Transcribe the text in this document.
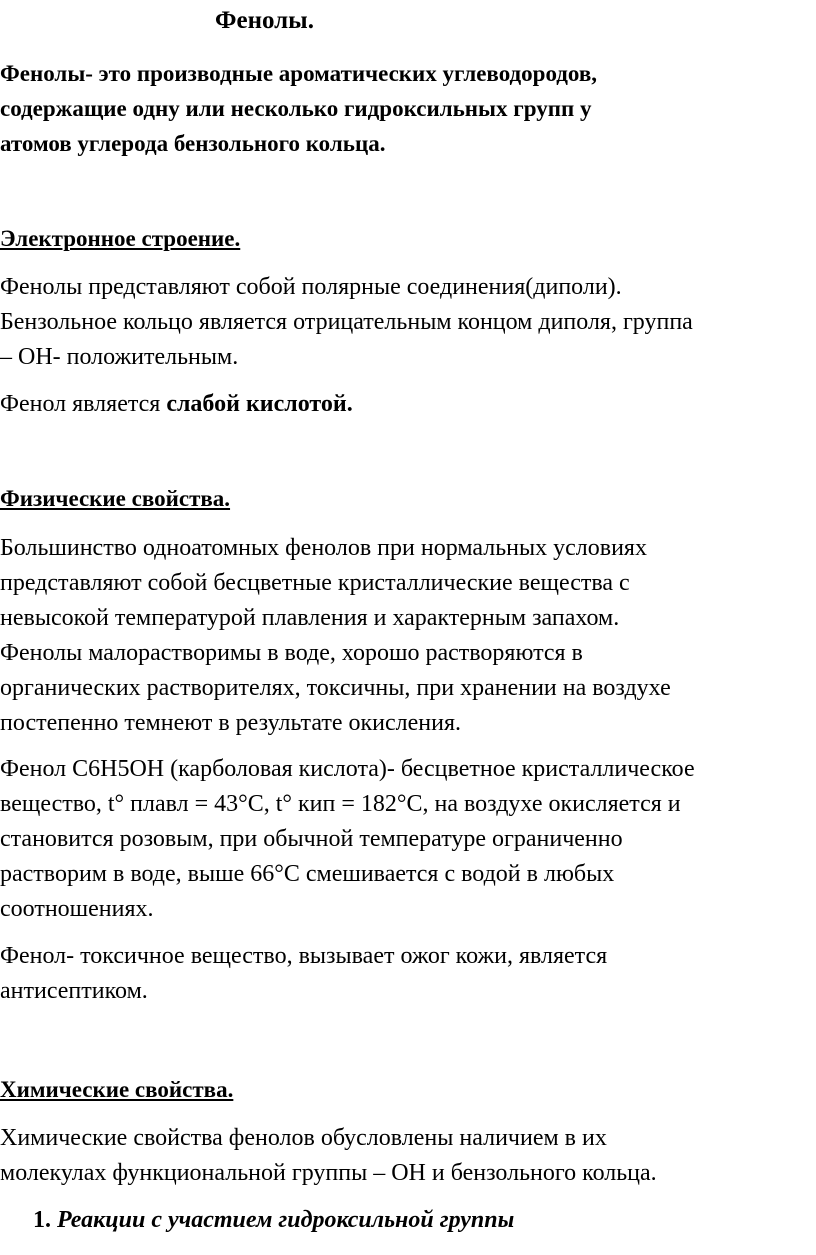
Фенолы.

Фенолы- это производные ароматических углеводородов,
содержащие одну или несколько гидроксильных групп у
атомов углерода бензольного кольца.

Электронное строение.

Фенолы представляют собой полярные соединения(диполи).
Бензольное кольцо является отрицательным концом диполя, группа
– ОН- положительным.

Фенол является слабой кислотой.

Физические свойства.

Большинство одноатомных фенолов при нормальных условиях
представляют собой бесцветные кристаллические вещества с
невысокой температурой плавления и характерным запахом.
Фенолы малорастворимы в воде, хорошо растворяются в
органических растворителях, токсичны, при хранении на воздухе
постепенно темнеют в результате окисления.

Фенол С6Н5ОН (карболовая кислота)- бесцветное кристаллическое
вещество, t° плавл = 43°С, t° кип = 182°С, на воздухе окисляется и
становится розовым, при обычной температуре ограниченно
растворим в воде, выше 66°С смешивается с водой в любых
соотношениях.

Фенол- токсичное вещество, вызывает ожог кожи, является
антисептиком.

Химические свойства.

Химические свойства фенолов обусловлены наличием в их
молекулах функциональной группы – ОН и бензольного кольца.

1. Реакции с участием гидроксильной группы
